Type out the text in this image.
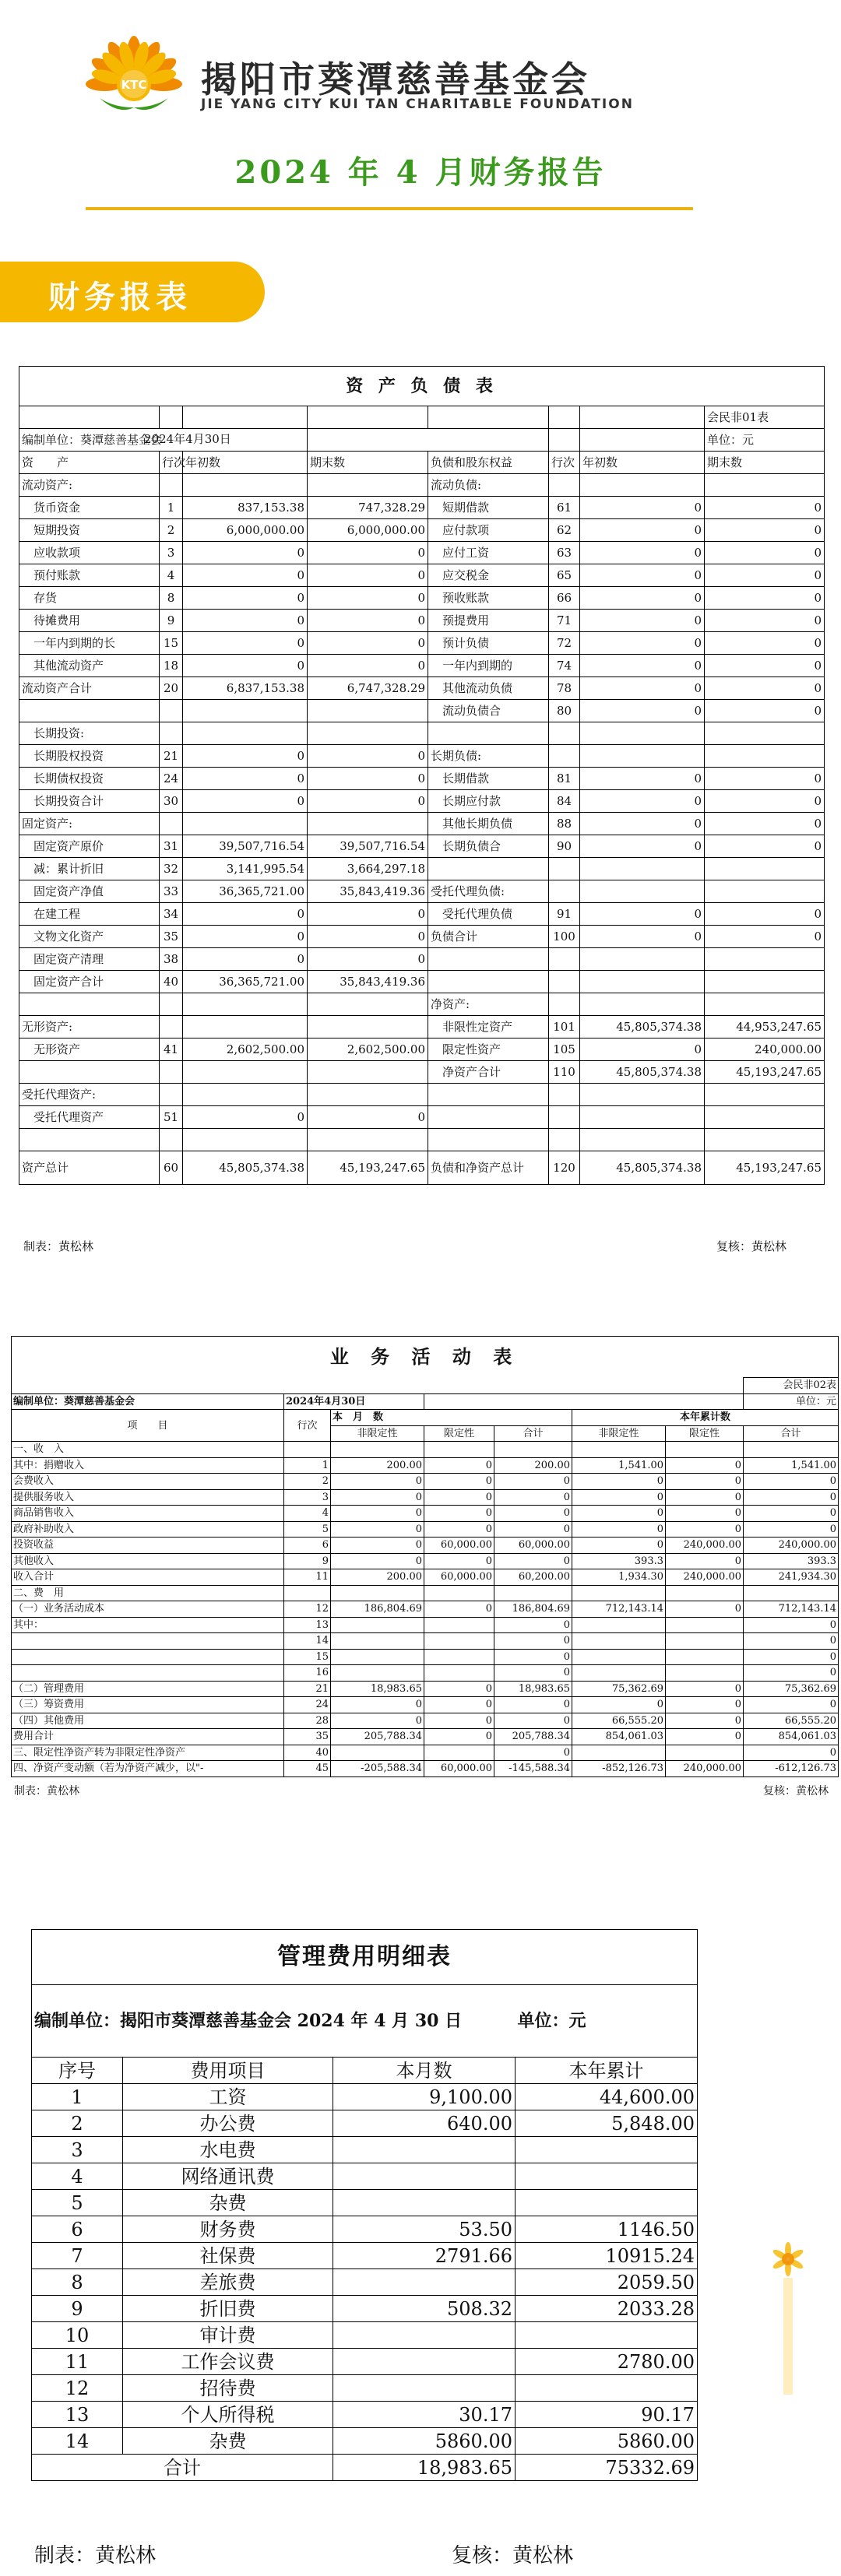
KTC 揭阳市葵潭慈善基金会
JIE YANG CITY KUI TAN CHARITABLE FOUNDATION
2024 年 4 月财务报告
财务报表
资 产 负 债 表							
							会民非01表
编制单位：葵潭慈善基金会			2024年4月30日				单位：元
资　　产	行次	年初数	期末数	负债和股东权益	行次	年初数	期末数
流动资产:				流动负债:			
　货币资金	1	837,153.38	747,328.29	　短期借款	61	0	0
　短期投资	2	6,000,000.00	6,000,000.00	　应付款项	62	0	0
　应收款项	3	0	0	　应付工资	63	0	0
　预付账款	4	0	0	　应交税金	65	0	0
　存货	8	0	0	　预收账款	66	0	0
　待摊费用	9	0	0	　预提费用	71	0	0
　一年内到期的长	15	0	0	　预计负债	72	0	0
　其他流动资产	18	0	0	　一年内到期的	74	0	0
流动资产合计	20	6,837,153.38	6,747,328.29	　其他流动负债	78	0	0
				　流动负债合	80	0	0
　长期投资:							
　长期股权投资	21	0	0	长期负债:			
　长期债权投资	24	0	0	　长期借款	81	0	0
　长期投资合计	30	0	0	　长期应付款	84	0	0
固定资产:				　其他长期负债	88	0	0
　固定资产原价	31	39,507,716.54	39,507,716.54	　长期负债合	90	0	0
　减：累计折旧	32	3,141,995.54	3,664,297.18				
　固定资产净值	33	36,365,721.00	35,843,419.36	受托代理负债:			
　在建工程	34	0	0	　受托代理负债	91	0	0
　文物文化资产	35	0	0	负债合计	100	0	0
　固定资产清理	38	0	0				
　固定资产合计	40	36,365,721.00	35,843,419.36				
				净资产:			
无形资产:				　非限性定资产	101	45,805,374.38	44,953,247.65
　无形资产	41	2,602,500.00	2,602,500.00	　限定性资产	105	0	240,000.00
				　净资产合计	110	45,805,374.38	45,193,247.65
受托代理资产:							
　受托代理资产	51	0	0				

资产总计	60	45,805,374.38	45,193,247.65	负债和净资产总计	120	45,805,374.38	45,193,247.65
制表：黄松林	复核：黄松林
业 务 活 动 表							
							会民非02表
编制单位：葵潭慈善基金会	2024年4月30日						单位：元
项　　目	行次	本　月　数			本年累计数		
		非限定性	限定性	合计	非限定性	限定性	合计
一、收　入							
其中：捐赠收入	1	200.00	0	200.00	1,541.00	0	1,541.00
会费收入	2	0	0	0	0	0	0
提供服务收入	3	0	0	0	0	0	0
商品销售收入	4	0	0	0	0	0	0
政府补助收入	5	0	0	0	0	0	0
投资收益	6	0	60,000.00	60,000.00	0	240,000.00	240,000.00
其他收入	9	0	0	0	393.3	0	393.3
收入合计	11	200.00	60,000.00	60,200.00	1,934.30	240,000.00	241,934.30
二、费　用							
（一）业务活动成本	12	186,804.69	0	186,804.69	712,143.14	0	712,143.14
其中：	13			0			0
	14			0			0
	15			0			0
	16			0			0
（二）管理费用	21	18,983.65	0	18,983.65	75,362.69	0	75,362.69
（三）筹资费用	24	0	0	0	0	0	0
（四）其他费用	28	0	0	0	66,555.20	0	66,555.20
费用合计	35	205,788.34	0	205,788.34	854,061.03	0	854,061.03
三、限定性净资产转为非限定性净资产	40			0			0
四、净资产变动额（若为净资产减少，以"-	45	-205,588.34	60,000.00	-145,588.34	-852,126.73	240,000.00	-612,126.73
制表：黄松林	复核：黄松林
管理费用明细表			
编制单位：揭阳市葵潭慈善基金会 2024 年 4 月 30 日			单位：元
序号	费用项目	本月数	本年累计
1	工资	9,100.00	44,600.00
2	办公费	640.00	5,848.00
3	水电费		
4	网络通讯费		
5	杂费		
6	财务费	53.50	1146.50
7	社保费	2791.66	10915.24
8	差旅费		2059.50
9	折旧费	508.32	2033.28
10	审计费		
11	工作会议费		2780.00
12	招待费		
13	个人所得税	30.17	90.17
14	杂费	5860.00	5860.00
合计		18,983.65	75332.69
制表：黄松林	复核：黄松林
